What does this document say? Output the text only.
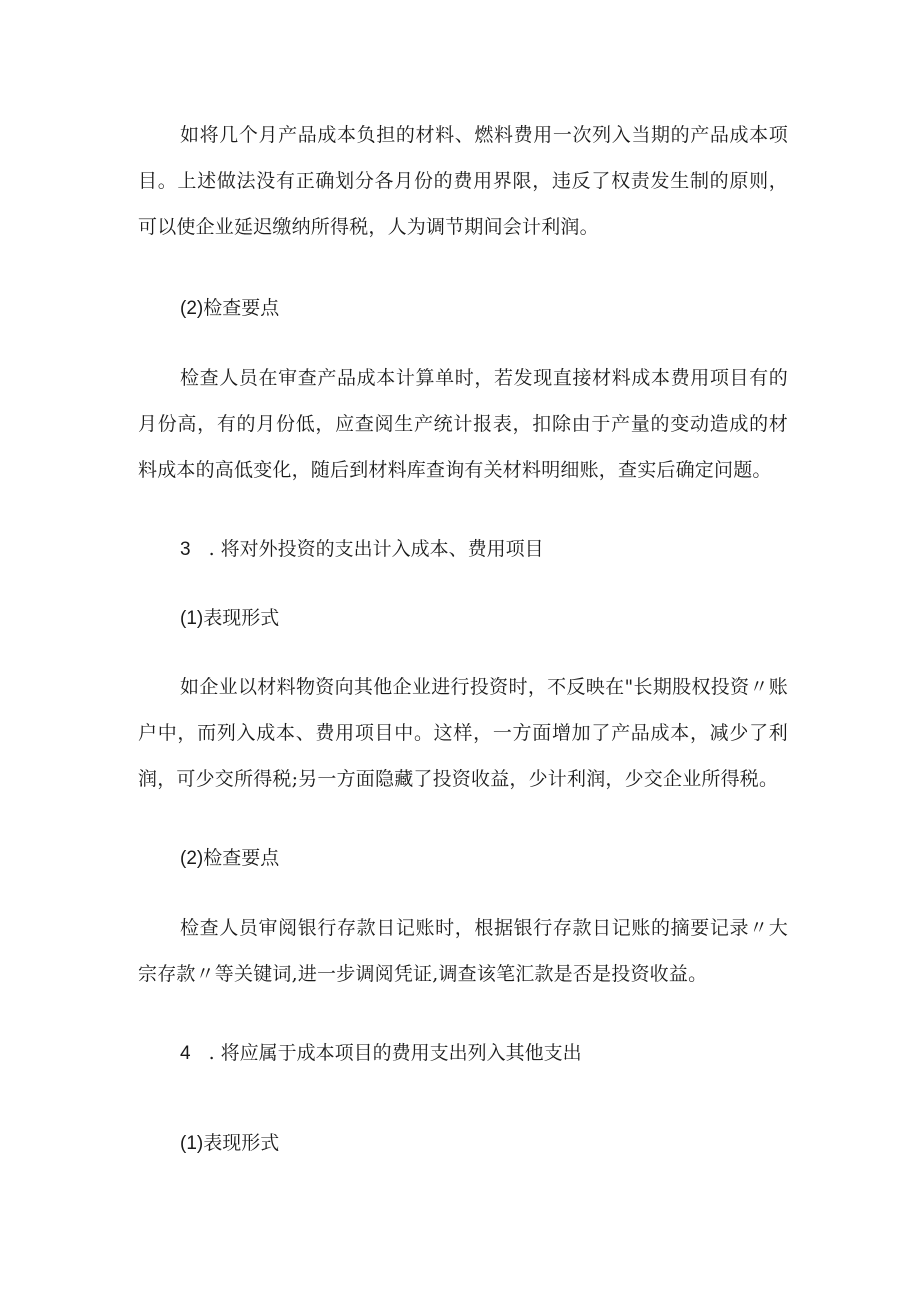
如将几个月产品成本负担的材料、燃料费用一次列入当期的产品成本项目。上述做法没有正确划分各月份的费用界限，违反了权责发生制的原则，可以使企业延迟缴纳所得税，人为调节期间会计利润。

(2)检查要点

检查人员在审查产品成本计算单时，若发现直接材料成本费用项目有的月份高，有的月份低，应查阅生产统计报表，扣除由于产量的变动造成的材料成本的高低变化，随后到材料库查询有关材料明细账，查实后确定问题。

3 . 将对外投资的支出计入成本、费用项目

(1)表现形式

如企业以材料物资向其他企业进行投资时，不反映在"长期股权投资〃账户中，而列入成本、费用项目中。这样，一方面增加了产品成本，减少了利润，可少交所得税;另一方面隐藏了投资收益，少计利润，少交企业所得税。

(2)检查要点

检查人员审阅银行存款日记账时，根据银行存款日记账的摘要记录〃大宗存款〃等关键词,进一步调阅凭证,调查该笔汇款是否是投资收益。

4 . 将应属于成本项目的费用支出列入其他支出

(1)表现形式
